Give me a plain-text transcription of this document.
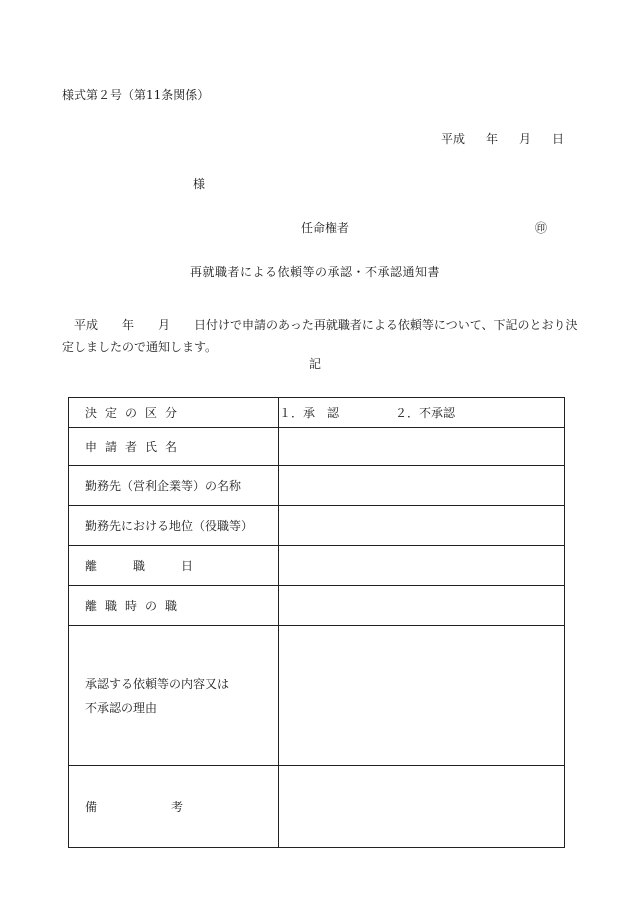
様式第２号（第11条関係）
平成 年 月 日
様
任命権者	㊞
再就職者による依頼等の承認・不承認通知書
平成 年 月 日付けで申請のあった再就職者による依頼等について、下記のとおり決
定しましたので通知します。
記
決定の区分	１．承　認 ２．不承認
申請者氏名	
勤務先（営利企業等）の名称	
勤務先における地位（役職等）	
離 職 日	
離職時の職	
承認する依頼等の内容又は
不承認の理由	
備 考	
